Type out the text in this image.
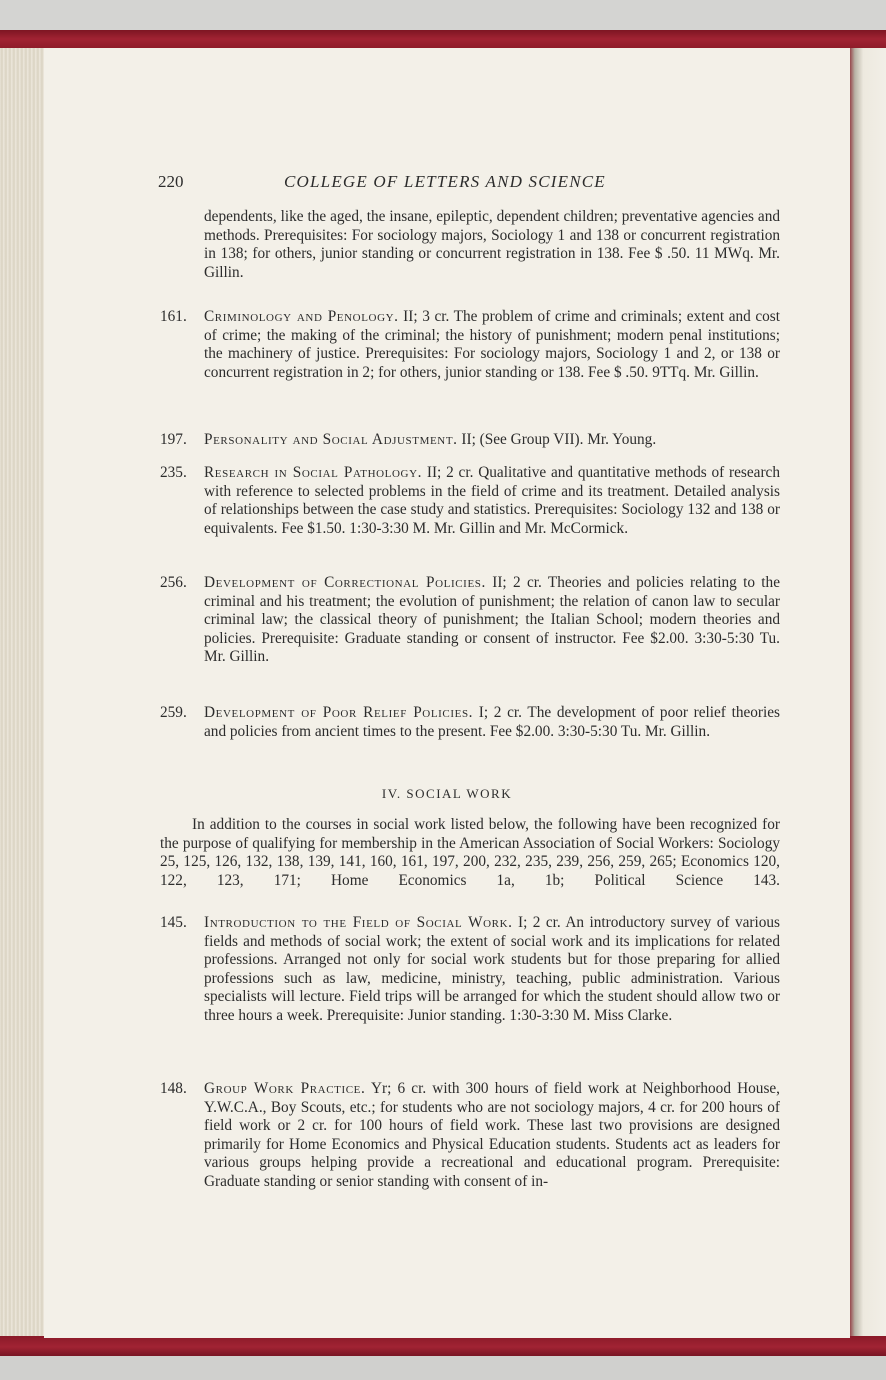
220	COLLEGE OF LETTERS AND SCIENCE
dependents, like the aged, the insane, epileptic, dependent children; preventative agencies and methods. Prerequisites: For sociology majors, Sociology 1 and 138 or concurrent registration in 138; for others, junior standing or concurrent registration in 138. Fee $ .50. 11 MWq. Mr. Gillin.
161. Criminology and Penology. II; 3 cr. The problem of crime and criminals; extent and cost of crime; the making of the criminal; the history of punishment; modern penal institutions; the machinery of justice. Prerequisites: For sociology majors, Sociology 1 and 2, or 138 or concurrent registration in 2; for others, junior standing or 138. Fee $ .50. 9TTq. Mr. Gillin.
197. Personality and Social Adjustment. II; (See Group VII). Mr. Young.
235. Research in Social Pathology. II; 2 cr. Qualitative and quantitative methods of research with reference to selected problems in the field of crime and its treatment. Detailed analysis of relationships between the case study and statistics. Prerequisites: Sociology 132 and 138 or equivalents. Fee $1.50. 1:30-3:30 M. Mr. Gillin and Mr. McCormick.
256. Development of Correctional Policies. II; 2 cr. Theories and policies relating to the criminal and his treatment; the evolution of punishment; the relation of canon law to secular criminal law; the classical theory of punishment; the Italian School; modern theories and policies. Prerequisite: Graduate standing or consent of instructor. Fee $2.00. 3:30-5:30 Tu. Mr. Gillin.
259. Development of Poor Relief Policies. I; 2 cr. The development of poor relief theories and policies from ancient times to the present. Fee $2.00. 3:30-5:30 Tu. Mr. Gillin.
IV. SOCIAL WORK
In addition to the courses in social work listed below, the following have been recognized for the purpose of qualifying for membership in the American Association of Social Workers: Sociology 25, 125, 126, 132, 138, 139, 141, 160, 161, 197, 200, 232, 235, 239, 256, 259, 265; Economics 120, 122, 123, 171; Home Economics 1a, 1b; Political Science 143.
145. Introduction to the Field of Social Work. I; 2 cr. An introductory survey of various fields and methods of social work; the extent of social work and its implications for related professions. Arranged not only for social work students but for those preparing for allied professions such as law, medicine, ministry, teaching, public administration. Various specialists will lecture. Field trips will be arranged for which the student should allow two or three hours a week. Prerequisite: Junior standing. 1:30-3:30 M. Miss Clarke.
148. Group Work Practice. Yr; 6 cr. with 300 hours of field work at Neighborhood House, Y.W.C.A., Boy Scouts, etc.; for students who are not sociology majors, 4 cr. for 200 hours of field work or 2 cr. for 100 hours of field work. These last two provisions are designed primarily for Home Economics and Physical Education students. Students act as leaders for various groups helping provide a recreational and educational program. Prerequisite: Graduate standing or senior standing with consent of in-
